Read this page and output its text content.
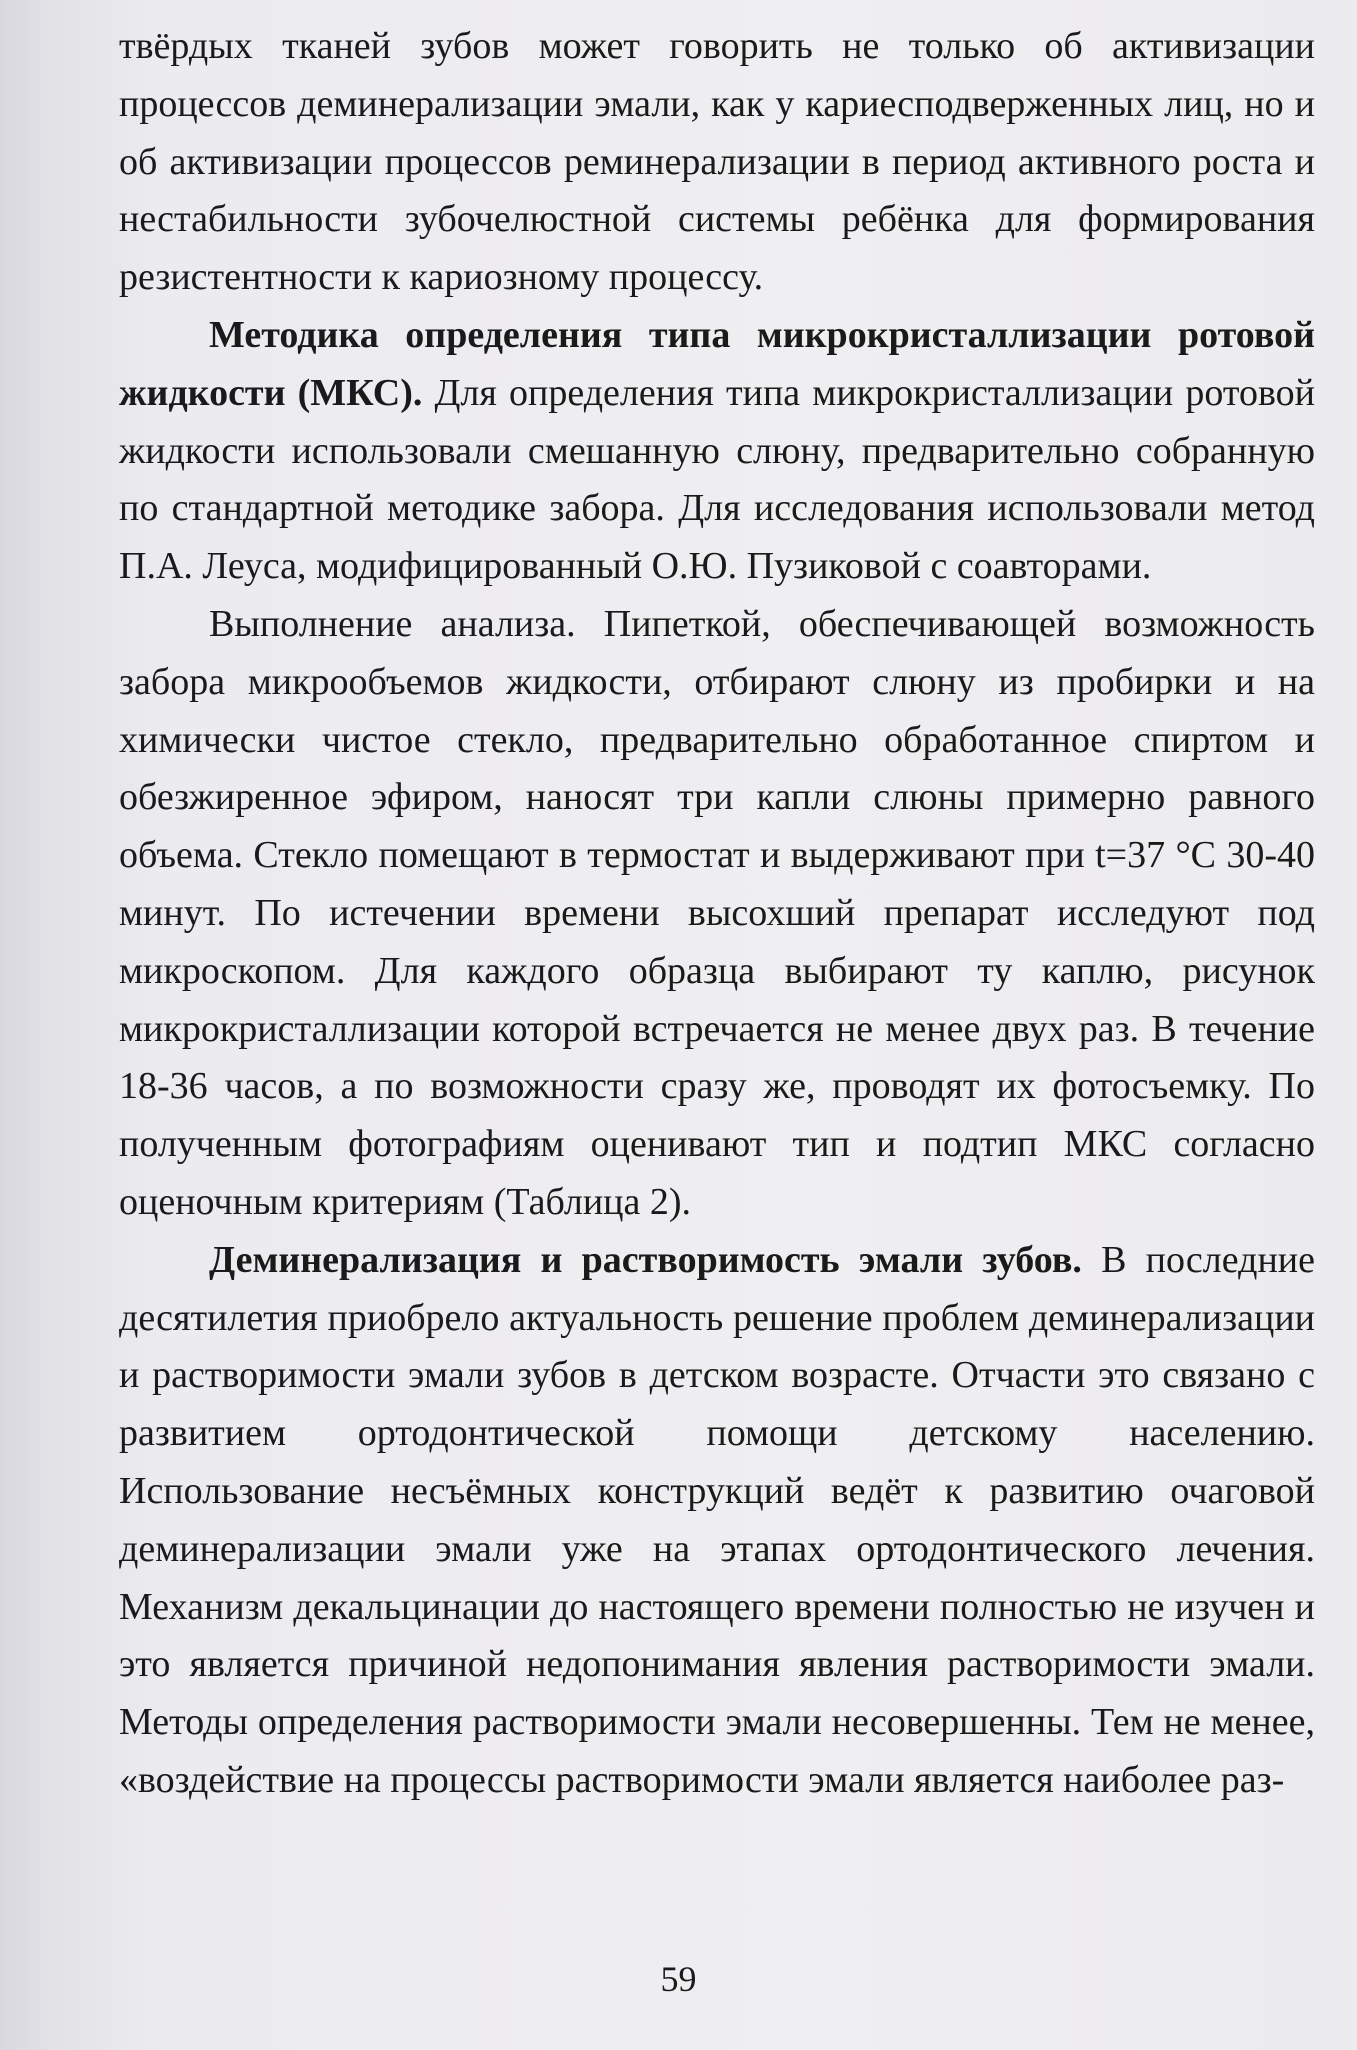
твёрдых тканей зубов может говорить не только об активизации процессов деминерализации эмали, как у кариесподверженных лиц, но и об активизации процессов реминерализации в период активного роста и нестабильности зубочелюстной системы ребёнка для формирования резистентности к кариозному процессу.

Методика определения типа микрокристаллизации ротовой жидкости (МКС). Для определения типа микрокристаллизации ротовой жидкости использовали смешанную слюну, предварительно собранную по стандартной методике забора. Для исследования использовали метод П.А. Леуса, модифицированный О.Ю. Пузиковой с соавторами.

Выполнение анализа. Пипеткой, обеспечивающей возможность забора микрообъемов жидкости, отбирают слюну из пробирки и на химически чистое стекло, предварительно обработанное спиртом и обезжиренное эфиром, наносят три капли слюны примерно равного объема. Стекло помещают в термостат и выдерживают при t=37 °С 30-40 минут. По истечении времени высохший препарат исследуют под микроскопом. Для каждого образца выбирают ту каплю, рисунок микрокристаллизации которой встречается не менее двух раз. В течение 18-36 часов, а по возможности сразу же, проводят их фотосъемку. По полученным фотографиям оценивают тип и подтип МКС согласно оценочным критериям (Таблица 2).

Деминерализация и растворимость эмали зубов. В последние десятилетия приобрело актуальность решение проблем деминерализации и растворимости эмали зубов в детском возрасте. Отчасти это связано с развитием ортодонтической помощи детскому населению. Использование несъёмных конструкций ведёт к развитию очаговой деминерализации эмали уже на этапах ортодонтического лечения. Механизм декальцинации до настоящего времени полностью не изучен и это является причиной недопонимания явления растворимости эмали. Методы определения растворимости эмали несовершенны. Тем не менее, «воздействие на процессы растворимости эмали является наиболее раз-

59
